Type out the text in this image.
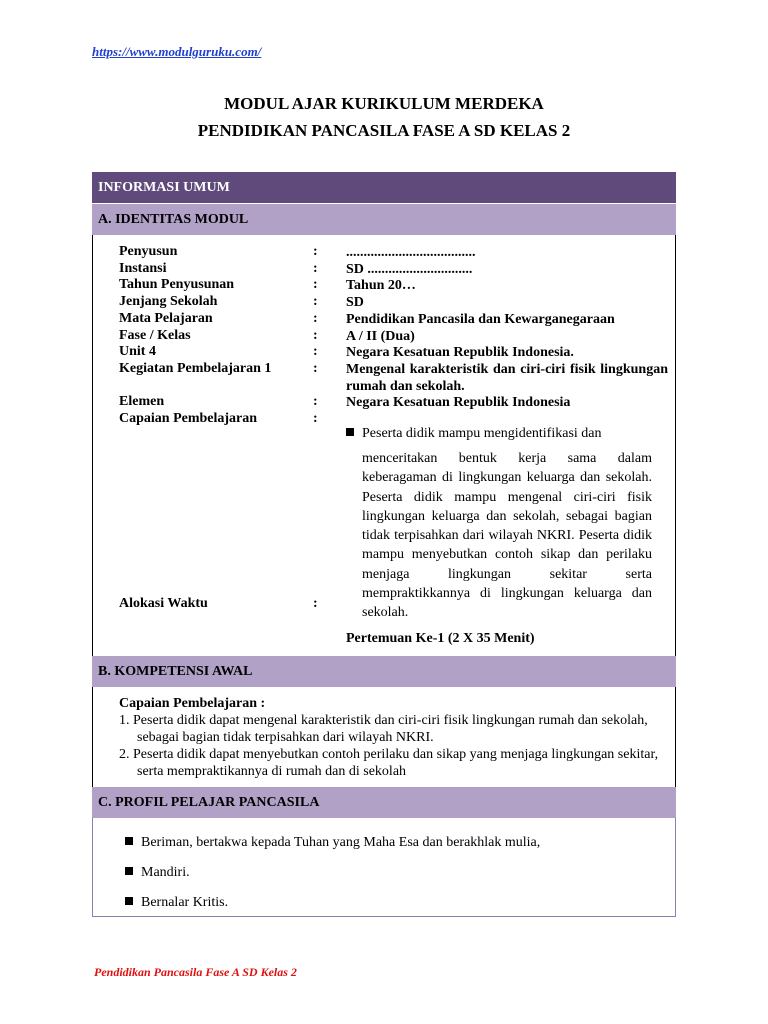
https://www.modulguruku.com/
MODUL AJAR KURIKULUM MERDEKA
PENDIDIKAN PANCASILA FASE A SD KELAS 2
INFORMASI UMUM
A. IDENTITAS MODUL
Penyusun	: .....................................
Instansi	: SD ..............................
Tahun Penyusunan	: Tahun 20…
Jenjang Sekolah	: SD
Mata Pelajaran	: Pendidikan Pancasila dan Kewarganegaraan
Fase / Kelas	: A / II (Dua)
Unit 4	: Negara Kesatuan Republik Indonesia.
Kegiatan Pembelajaran 1	: Mengenal karakteristik dan ciri-ciri fisik lingkungan rumah dan sekolah.
Elemen	: Negara Kesatuan Republik Indonesia
Capaian Pembelajaran	:
Peserta didik mampu mengidentifikasi dan
menceritakan bentuk kerja sama dalam keberagaman di lingkungan keluarga dan sekolah. Peserta didik mampu mengenal ciri-ciri fisik lingkungan keluarga dan sekolah, sebagai bagian tidak terpisahkan dari wilayah NKRI. Peserta didik mampu menyebutkan contoh sikap dan perilaku menjaga lingkungan sekitar serta mempraktikkannya di lingkungan keluarga dan sekolah.
Alokasi Waktu	:
Pertemuan Ke-1 (2 X 35 Menit)
B. KOMPETENSI AWAL
Capaian Pembelajaran :
1. Peserta didik dapat mengenal karakteristik dan ciri-ciri fisik lingkungan rumah dan sekolah, sebagai bagian tidak terpisahkan dari wilayah NKRI.
2. Peserta didik dapat menyebutkan contoh perilaku dan sikap yang menjaga lingkungan sekitar, serta mempraktikannya di rumah dan di sekolah
C. PROFIL PELAJAR PANCASILA
Beriman, bertakwa kepada Tuhan yang Maha Esa dan berakhlak mulia,
Mandiri.
Bernalar Kritis.
Pendidikan Pancasila Fase A SD Kelas 2
